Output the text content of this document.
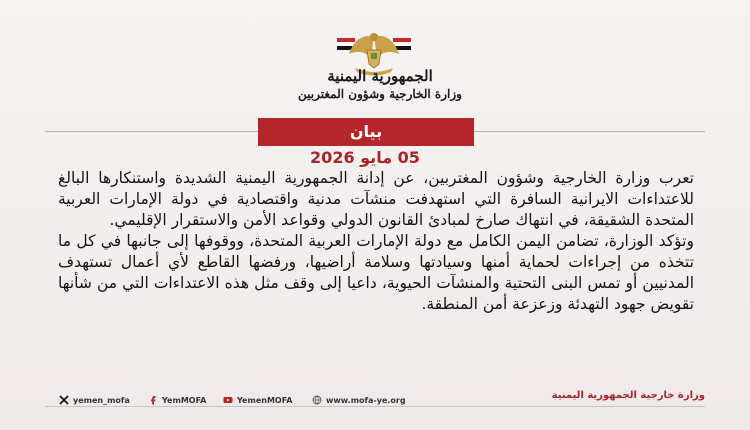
الجمهورية اليمنية
وزارة الخارجية وشؤون المغتربين
بيان
05 مايو 2026

تعرب وزارة الخارجية وشؤون المغتربين، عن إدانة الجمهورية اليمنية الشديدة واستنكارها البالغ للاعتداءات الايرانية السافرة التي استهدفت منشآت مدنية واقتصادية في دولة الإمارات العربية المتحدة الشقيقة، في انتهاك صارخ لمبادئ القانون الدولي وقواعد الأمن والاستقرار الإقليمي.

وتؤكد الوزارة، تضامن اليمن الكامل مع دولة الإمارات العربية المتحدة، ووقوفها إلى جانبها في كل ما تتخذه من إجراءات لحماية أمنها وسيادتها وسلامة أراضيها، ورفضها القاطع لأي أعمال تستهدف المدنيين أو تمس البنى التحتية والمنشآت الحيوية، داعيا إلى وقف مثل هذه الاعتداءات التي من شأنها تقويض جهود التهدئة وزعزعة أمن المنطقة.

yemen_mofa	YemMOFA	YemenMOFA	www.mofa-ye.org	وزارة خارجية الجمهورية اليمنية
